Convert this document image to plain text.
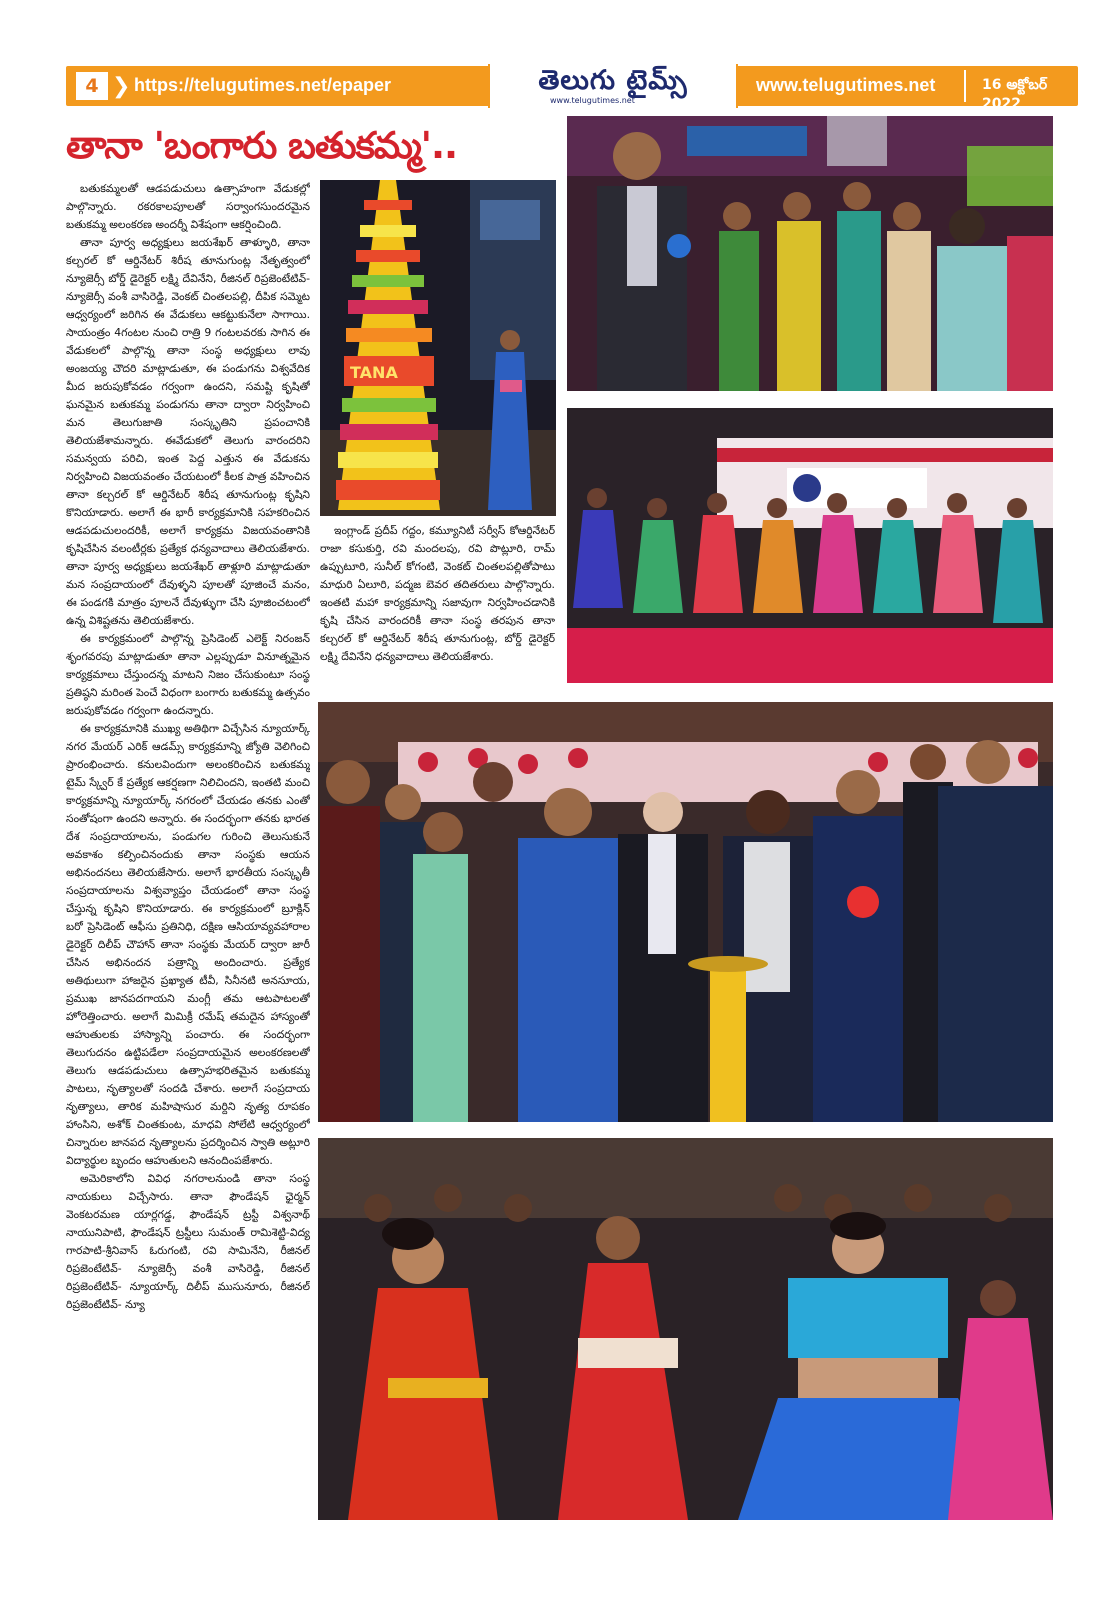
4 ❯ https://telugutimes.net/epaper	తెలుగు టైమ్స్
www.telugutimes.net
www.telugutimes.net	16 అక్టోబర్ 2022
తానా 'బంగారు బతుకమ్మ'..

బతుకమ్మలతో ఆడపడుచులు ఉత్సాహంగా వేడుకల్లో పాల్గొన్నారు. రకరకాలపూలతో సర్వాంగసుందరమైన బతుకమ్మ అలంకరణ అందర్నీ విశేషంగా ఆకర్షించింది.

తానా పూర్వ అధ్యక్షులు జయశేఖర్ తాళ్ళూరి, తానా కల్చరల్ కో ఆర్డినేటర్ శిరీష తూనుగుంట్ల నేతృత్వంలో న్యూజెర్సీ బోర్డ్ డైరెక్టర్ లక్ష్మి దేవినేని, రీజినల్ రిప్రజెంటేటివ్‌- న్యూజెర్సీ వంశీ వాసిరెడ్డి, వెంకట్ చింతలపల్లి, దీపిక సమ్మెట ఆధ్వర్యంలో జరిగిన ఈ వేడుకలు ఆకట్టుకునేలా సాగాయి. సాయంత్రం 4గంటల నుంచి రాత్రి 9 గంటలవరకు సాగిన ఈ వేడుకలలో పాల్గొన్న తానా సంస్థ అధ్యక్షులు లావు అంజయ్య చౌదరి మాట్లాడుతూ, ఈ పండుగను విశ్వవేదిక మీద జరుపుకోవడం గర్వంగా ఉందని, సమష్టి కృషితో ఘనమైన బతుకమ్మ పండుగను తానా ద్వారా నిర్వహించి మన తెలుగుజాతి సంస్కృతిని ప్రపంచానికి తెలియజేశామన్నారు. ఈవేడుకలో తెలుగు వారందరిని సమన్వయ పరిచి, ఇంత పెద్ద ఎత్తున ఈ వేడుకను నిర్వహించి విజయవంతం చేయటంలో కీలక పాత్ర వహించిన తానా కల్చరల్ కో ఆర్డినేటర్ శిరీష తూనుగుంట్ల కృషిని కొనియాడారు. అలాగే ఈ భారీ కార్యక్రమానికి సహకరించిన ఆడపడుచులందరికీ, అలాగే కార్యక్రమ విజయవంతానికి కృషిచేసిన వలంటీర్లకు ప్రత్యేక ధన్యవాదాలు తెలియజేశారు. తానా పూర్వ అధ్యక్షులు జయశేఖర్ తాళ్లూరి మాట్లాడుతూ మన సంప్రదాయంలో దేవుళ్ళని పూలతో పూజించే మనం, ఈ పండగకి మాత్రం పూలనే దేవుళ్ళుగా చేసి పూజించటంలో ఉన్న విశిష్టతను తెలియజేశారు.

ఈ కార్యక్రమంలో పాల్గొన్న ప్రెసిడెంట్ ఎలెక్ట్ నిరంజన్ శృంగవరపు మాట్లాడుతూ తానా ఎల్లప్పుడూ వినూత్నమైన కార్యక్రమాలు చేస్తుందన్న మాటని నిజం చేసుకుంటూ సంస్థ ప్రతిష్ఠని మరింత పెంచే విధంగా బంగారు బతుకమ్మ ఉత్సవం జరుపుకోవడం గర్వంగా ఉందన్నారు.

ఈ కార్యక్రమానికి ముఖ్య అతిథిగా విచ్చేసిన న్యూయార్క్ నగర మేయర్ ఎరిక్ ఆడమ్స్ కార్యక్రమాన్ని జ్యోతి వెలిగించి ప్రారంభించారు. కనులవిందుగా అలంకరించిన బతుకమ్మ టైమ్ స్క్వేర్ కే ప్రత్యేక ఆకర్షణగా నిలిచిందని, ఇంతటి మంచి కార్యక్రమాన్ని న్యూయార్క్ నగరంలో చేయడం తనకు ఎంతో సంతోషంగా ఉందని అన్నారు. ఈ సందర్భంగా తనకు భారత దేశ సంప్రదాయాలను, పండుగల గురించి తెలుసుకునే అవకాశం కల్పించినందుకు తానా సంస్థకు ఆయన అభినందనలు తెలియజేసారు. అలాగే భారతీయ సంస్కృతీ సంప్రదాయాలను విశ్వవ్యాప్తం చేయడంలో తానా సంస్థ చేస్తున్న కృషిని కొనియాడారు. ఈ కార్యక్రమంలో బ్రూక్లిన్ బరో ప్రెసిడెంట్ ఆఫీసు ప్రతినిధి, దక్షిణ ఆసియావ్యవహారాల డైరెక్టర్ దిలీప్ చౌహాన్ తానా సంస్థకు మేయర్ ద్వారా జారీ చేసిన అభినందన పత్రాన్ని అందించారు. ప్రత్యేక అతిథులుగా హాజరైన ప్రఖ్యాత టీవీ, సినీనటి అనసూయ, ప్రముఖ జానపదగాయని మంగ్లీ తమ ఆటపాటలతో హోరెత్తించారు. అలాగే మిమిక్రీ రమేష్ తమదైన హాస్యంతో ఆహుతులకు హాస్యాన్ని పంచారు. ఈ సందర్భంగా తెలుగుదనం ఉట్టిపడేలా సంప్రదాయమైన అలంకరణలతో తెలుగు ఆడపడుచులు ఉత్సాహభరితమైన బతుకమ్మ పాటలు, నృత్యాలతో సందడి చేశారు. అలాగే సంప్రదాయ నృత్యాలు, తారిక మహిషాసుర మర్దిని నృత్య రూపకం హాంసిని, అశోక్ చింతకుంట, మాధవి సోలేటి ఆధ్వర్యంలో చిన్నారుల జానపద నృత్యాలను ప్రదర్శించిన స్వాతి అట్లూరి విద్యార్థుల బృందం ఆహుతులని ఆనందింపజేశారు.

అమెరికాలోని వివిధ నగరాలనుండి తానా సంస్థ నాయకులు విచ్చేసారు. తానా ఫౌండేషన్ ఛైర్మన్ వెంకటరమణ యార్లగడ్డ, ఫౌండేషన్ ట్రస్టీ విశ్వనాథ్ నాయునిపాటి, ఫౌండేషన్ ట్రస్టీలు సుమంత్ రామిశెట్టి-విద్య గారపాటి-శ్రీనివాస్ ఓరుగంటి, రవి సామినేని, రీజినల్ రిప్రజెంటేటివ్- న్యూజెర్సీ వంశీ వాసిరెడ్డి, రీజినల్ రిప్రజెంటేటివ్- న్యూయార్క్ దిలీప్ ముసునూరు, రీజినల్ రిప్రజెంటేటివ్- న్యూ

TANA

ఇంగ్లాండ్ ప్రదీప్ గద్దం, కమ్యూనిటీ సర్వీస్ కోఆర్డినేటర్ రాజా కసుకుర్తి, రవి మందలపు, రవి పొట్లూరి, రామ్ ఉప్పుటూరి, సునీల్ కోగంటి, వెంకట్ చింతలపల్లితోపాటు మాధురి ఏలూరి, పద్మజ బెవర తదితరులు పాల్గొన్నారు. ఇంతటి మహా కార్యక్రమాన్ని సజావుగా నిర్వహించడానికి కృషి చేసిన వారందరికీ తానా సంస్థ తరపున తానా కల్చరల్ కో ఆర్డినేటర్ శిరీష తూనుగుంట్ల, బోర్డ్ డైరెక్టర్ లక్ష్మి దేవినేని ధన్యవాదాలు తెలియజేశారు.
